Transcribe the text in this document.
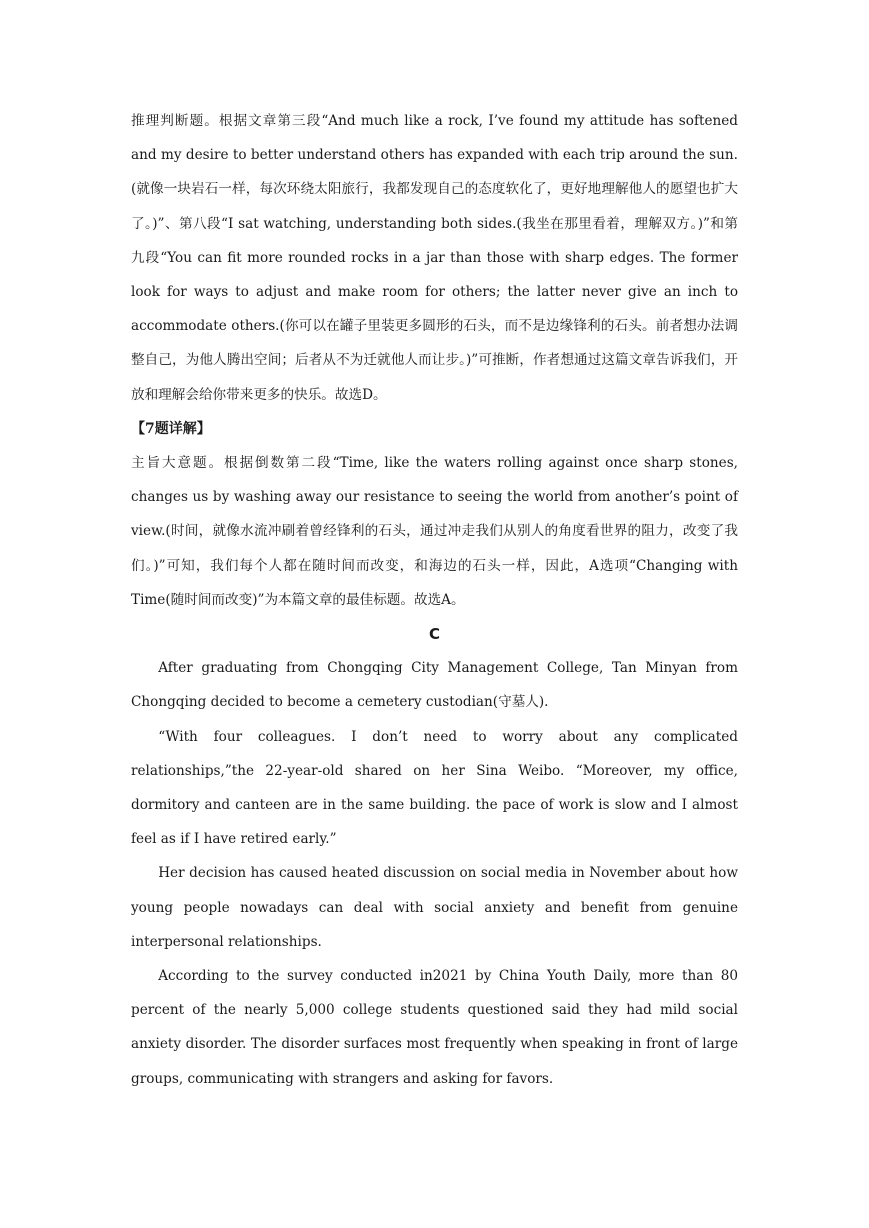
推理判断题。根据文章第三段“And much like a rock, I’ve found my attitude has softened and my desire to better understand others has expanded with each trip around the sun.(就像一块岩石一样，每次环绕太阳旅行，我都发现自己的态度软化了，更好地理解他人的愿望也扩大了。)”、第八段“I sat watching, understanding both sides.(我坐在那里看着，理解双方。)”和第九段“You can fit more rounded rocks in a jar than those with sharp edges. The former look for ways to adjust and make room for others; the latter never give an inch to accommodate others.(你可以在罐子里装更多圆形的石头，而不是边缘锋利的石头。前者想办法调整自己，为他人腾出空间；后者从不为迁就他人而让步。)”可推断，作者想通过这篇文章告诉我们，开放和理解会给你带来更多的快乐。故选D。

【7题详解】

主旨大意题。根据倒数第二段“Time, like the waters rolling against once sharp stones, changes us by washing away our resistance to seeing the world from another’s point of view.(时间，就像水流冲刷着曾经锋利的石头，通过冲走我们从别人的角度看世界的阻力，改变了我们。)”可知，我们每个人都在随时间而改变，和海边的石头一样，因此，A选项“Changing with Time(随时间而改变)”为本篇文章的最佳标题。故选A。

C

After graduating from Chongqing City Management College, Tan Minyan from Chongqing decided to become a cemetery custodian(守墓人).

“With four colleagues. I don’t need to worry about any complicated relationships,”the 22-year-old shared on her Sina Weibo. “Moreover, my office, dormitory and canteen are in the same building. the pace of work is slow and I almost feel as if I have retired early.”

Her decision has caused heated discussion on social media in November about how young people nowadays can deal with social anxiety and benefit from genuine interpersonal relationships.

According to the survey conducted in2021 by China Youth Daily, more than 80 percent of the nearly 5,000 college students questioned said they had mild social anxiety disorder. The disorder surfaces most frequently when speaking in front of large groups, communicating with strangers and asking for favors.
